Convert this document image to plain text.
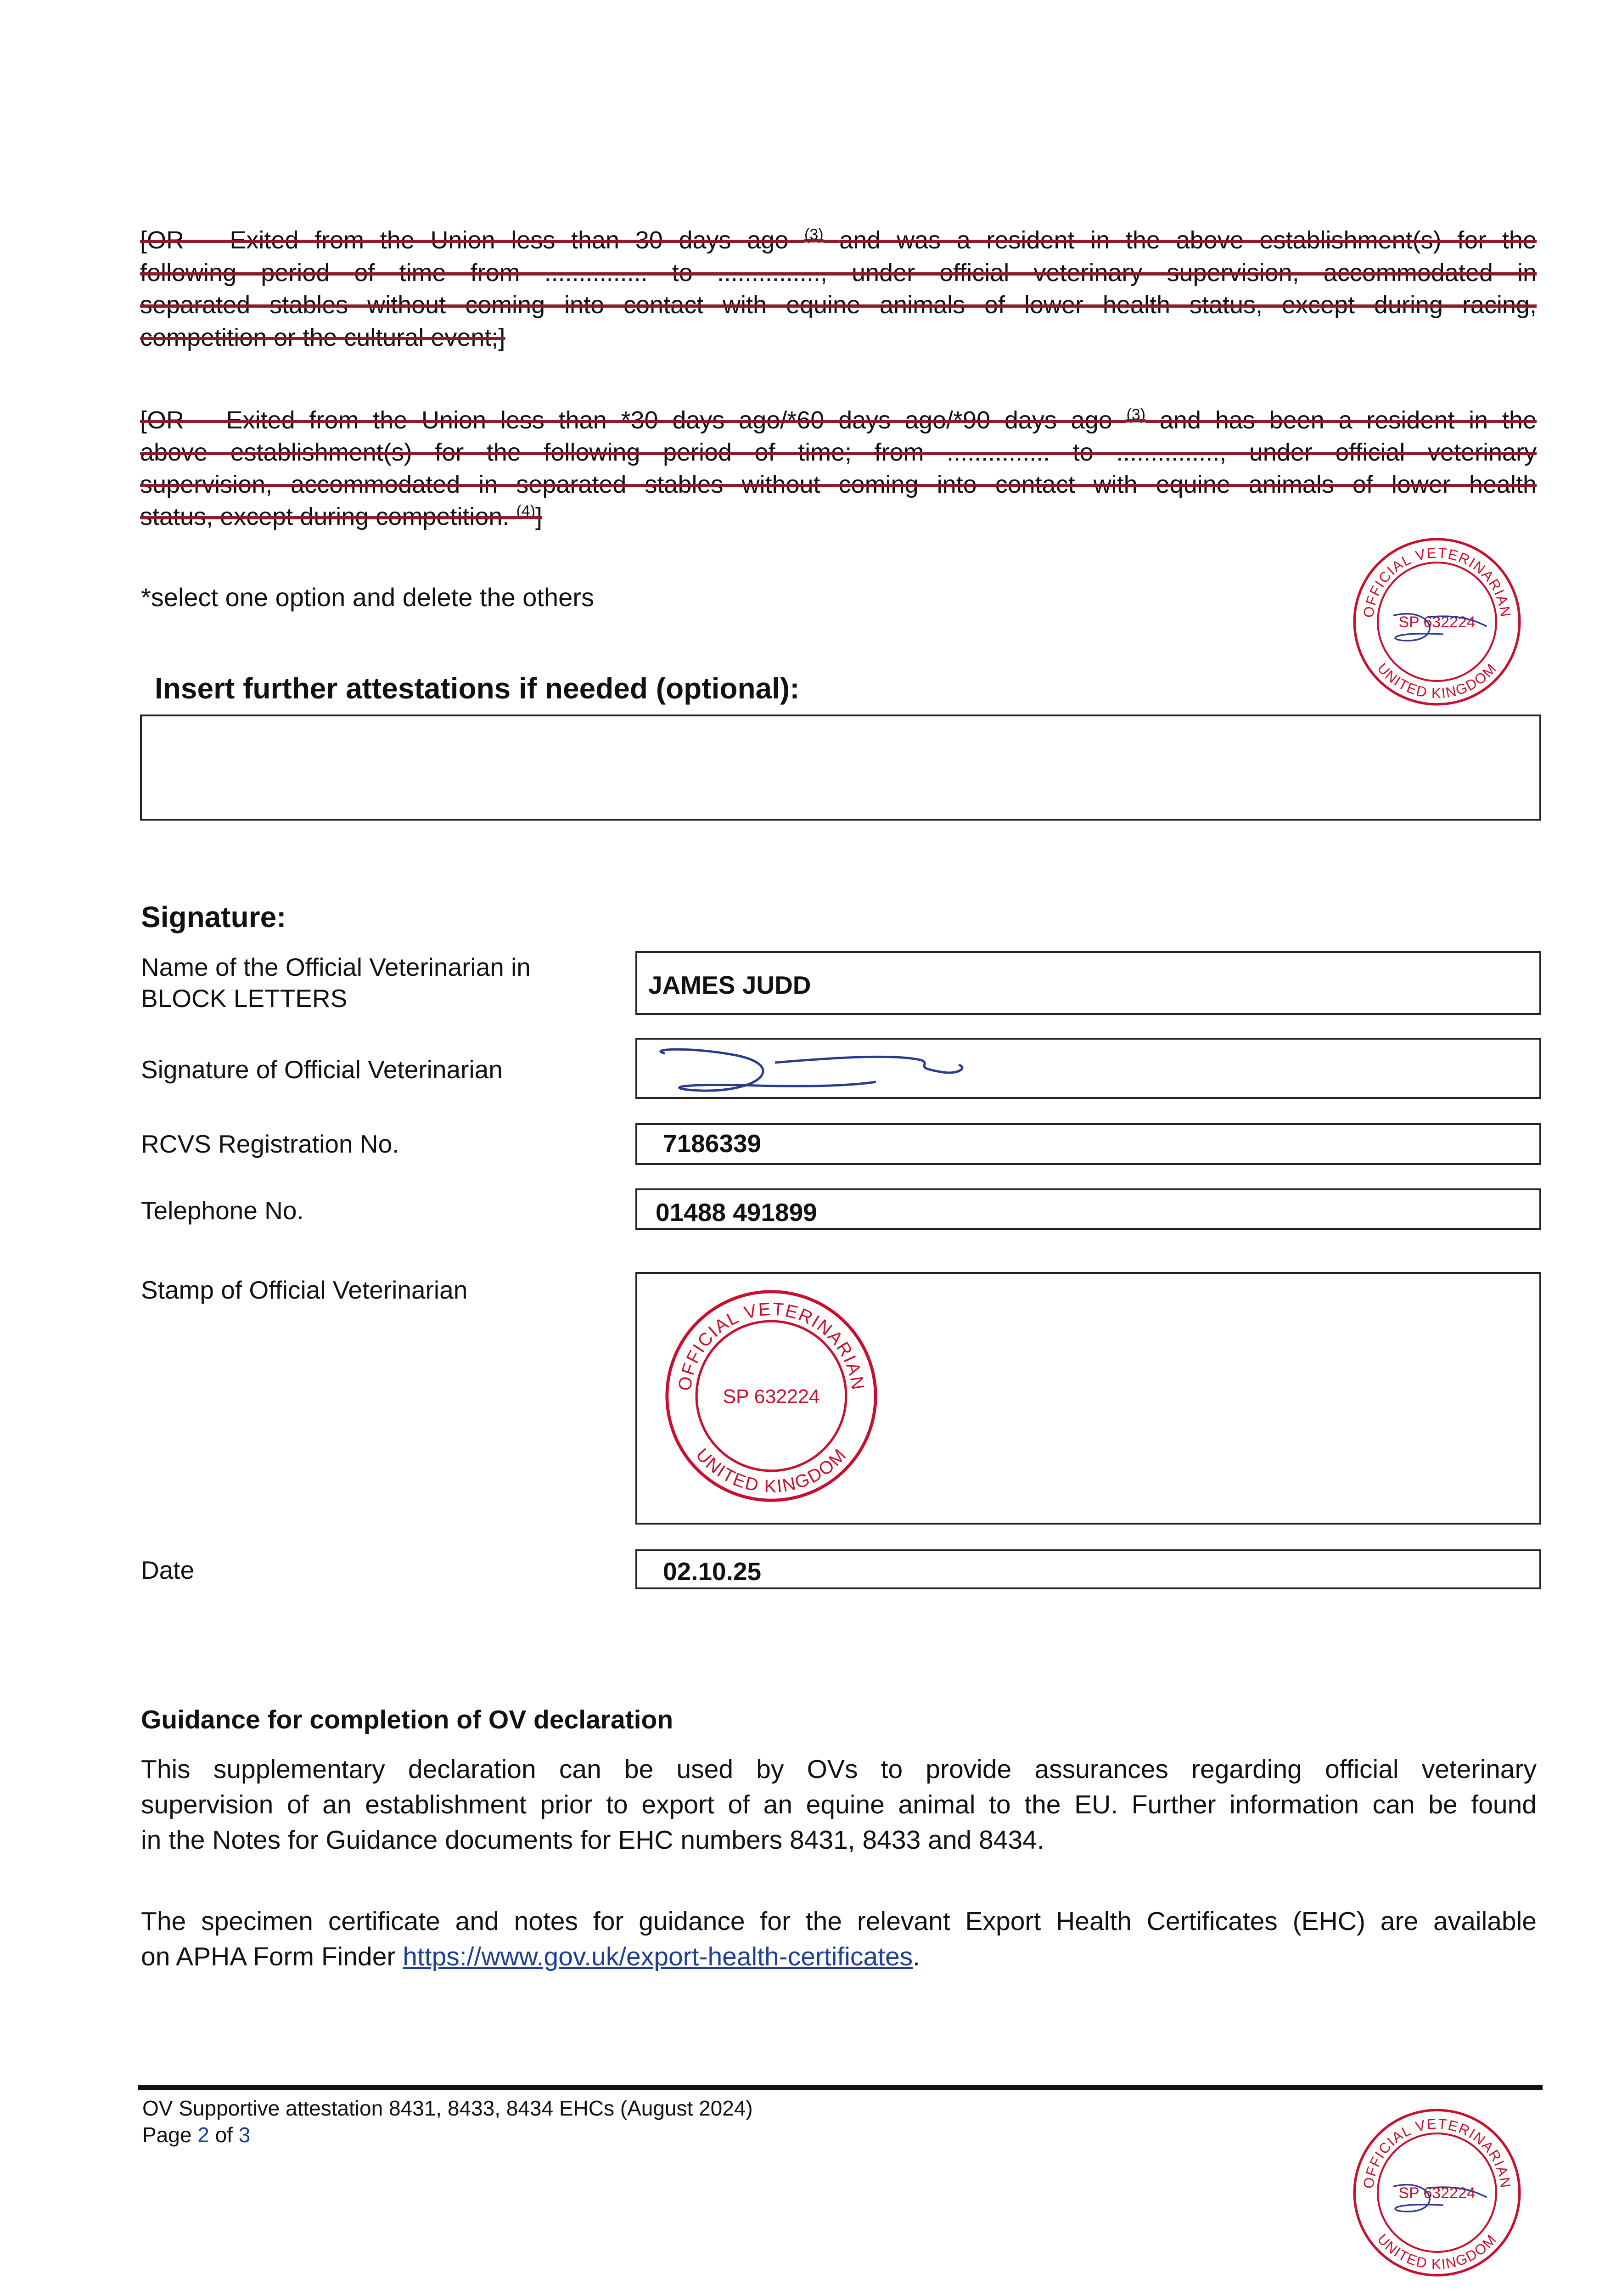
[OR – Exited from the Union less than 30 days ago $^{(3)}$ and was a resident in the above establishment(s) for the
following period of time from ............... to ..............., under official veterinary supervision, accommodated in
separated stables without coming into contact with equine animals of lower health status, except during racing,
competition or the cultural event;]
[OR – Exited from the Union less than *30 days ago/*60 days ago/*90 days ago $^{(3)}$ and has been a resident in the
above establishment(s) for the following period of time; from ............... to ..............., under official veterinary
supervision, accommodated in separated stables without coming into contact with equine animals of lower health
status, except during competition. $^{(4)}$]
*select one option and delete the others
Insert further attestations if needed (optional):
Signature:
Name of the Official Veterinarian in
BLOCK LETTERS	JAMES JUDD
Signature of Official Veterinarian
RCVS Registration No.	7186339
Telephone No.	01488 491899
Stamp of Official Veterinarian
Date	02.10.25
Guidance for completion of OV declaration
This supplementary declaration can be used by OVs to provide assurances regarding official veterinary
supervision of an establishment prior to export of an equine animal to the EU. Further information can be found
in the Notes for Guidance documents for EHC numbers 8431, 8433 and 8434.
The specimen certificate and notes for guidance for the relevant Export Health Certificates (EHC) are available
on APHA Form Finder https://www.gov.uk/export-health-certificates.
OV Supportive attestation 8431, 8433, 8434 EHCs (August 2024)
Page 2 of 3
OFFICIAL VETERINARIAN
UNITED KINGDOM
SP 632224
OFFICIAL VETERINARIAN
UNITED KINGDOM
SP 632224
OFFICIAL VETERINARIAN
UNITED KINGDOM
SP 632224
